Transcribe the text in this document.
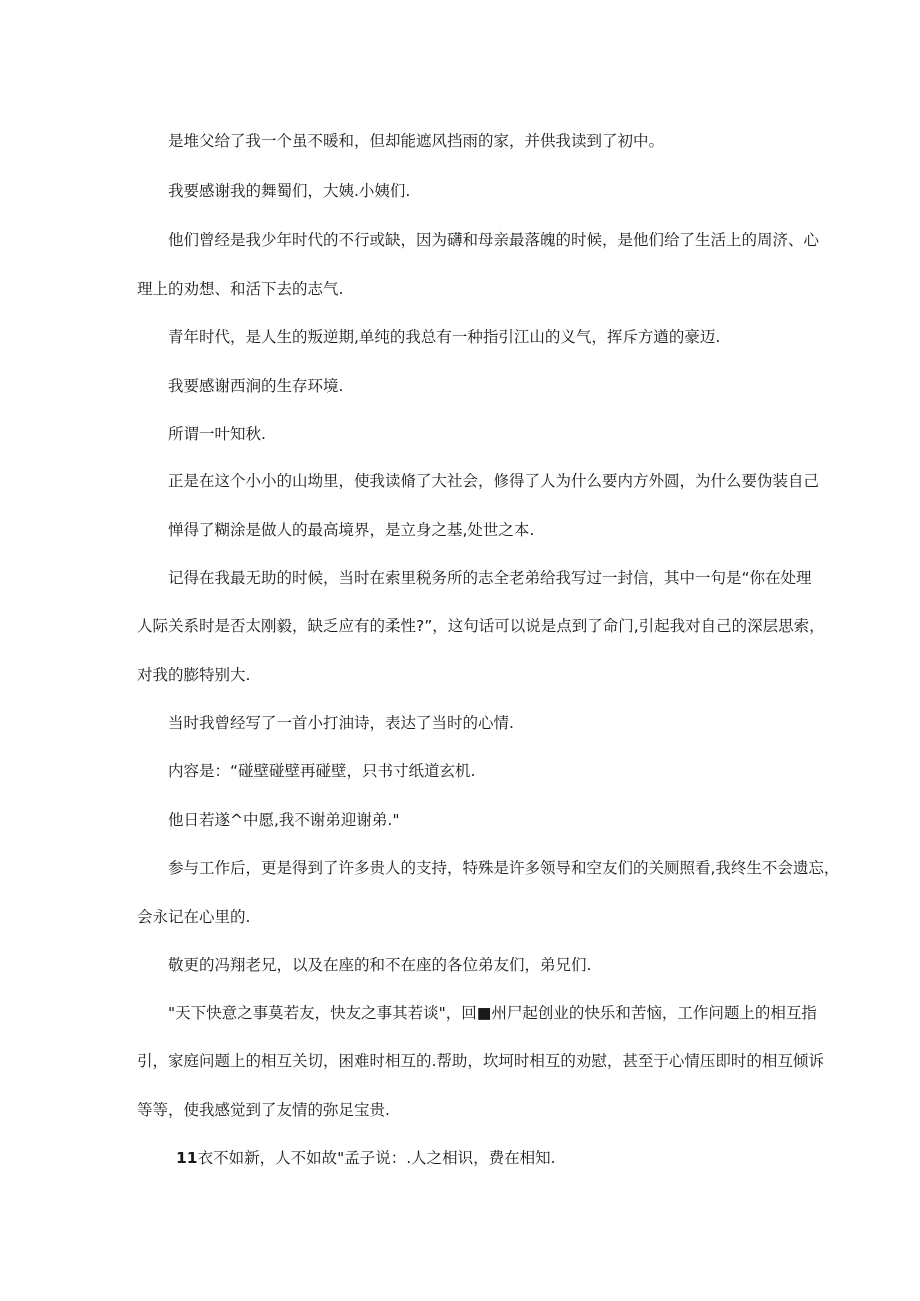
是堆父给了我一个虽不暖和，但却能遮风挡雨的家，并供我读到了初中。
我要感谢我的舞蜀们，大姨.小姨们.
他们曾经是我少年时代的不行或缺，因为礴和母亲最落魄的时候，是他们给了生活上的周济、心
理上的劝想、和活下去的志气.
青年时代，是人生的叛逆期,单纯的我总有一种指引江山的义气，挥斥方遒的豪迈.
我要感谢西涧的生存环境.
所谓一叶知秋.
正是在这个小小的山坳里，使我读脩了大社会，修得了人为什么要内方外圆，为什么要伪装自己
惮得了糊涂是做人的最高境界，是立身之基,处世之本.
记得在我最无助的时候，当时在索里税务所的志全老弟给我写过一封信，其中一句是“你在处理
人际关系时是否太刚毅，缺乏应有的柔性?”，这句话可以说是点到了命门,引起我对自己的深层思索，
对我的膨特别大.
当时我曾经写了一首小打油诗，表达了当时的心情.
内容是：“碰壁碰壁再碰壁，只书寸纸道玄机.
他日若遂^中愿,我不谢弟迎谢弟."
参与工作后，更是得到了许多贵人的支持，特殊是许多领导和空友们的关厕照看,我终生不会遗忘，
会永记在心里的.
敬更的冯翔老兄，以及在座的和不在座的各位弟友们，弟兄们.
"天下快意之事莫若友，快友之事其若谈"，回■州尸起创业的快乐和苦恼，工作问题上的相互指
引，家庭问题上的相互关切，困难时相互的.帮助，坎坷时相互的劝慰，甚至于心情压即时的相互倾诉
等等，使我感觉到了友情的弥足宝贵.
11衣不如新，人不如故"孟子说：.人之相识，费在相知.
